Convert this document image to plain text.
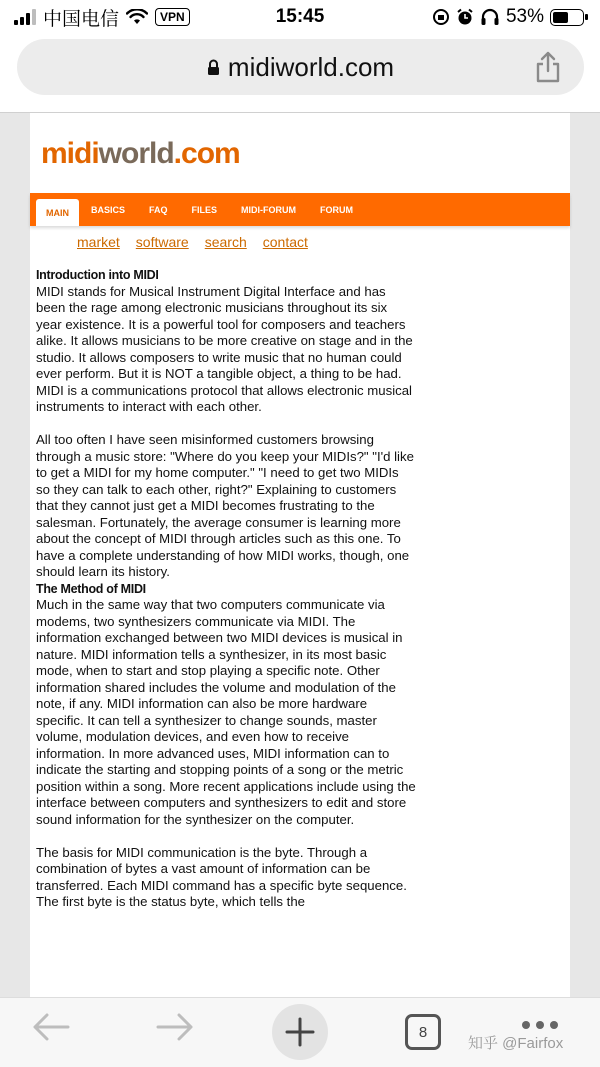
中国电信	VPN	15:45	53%
midiworld.com
midiworld.com
MAIN	BASICS	FAQ	FILES	MIDI-FORUM	FORUM
market software search contact
Introduction into MIDI

MIDI stands for Musical Instrument Digital Interface and has been the rage among electronic musicians throughout its six year existence. It is a powerful tool for composers and teachers alike. It allows musicians to be more creative on stage and in the studio. It allows composers to write music that no human could ever perform. But it is NOT a tangible object, a thing to be had. MIDI is a communications protocol that allows electronic musical instruments to interact with each other.

All too often I have seen misinformed customers browsing through a music store: "Where do you keep your MIDIs?" "I'd like to get a MIDI for my home computer." "I need to get two MIDIs so they can talk to each other, right?" Explaining to customers that they cannot just get a MIDI becomes frustrating to the salesman. Fortunately, the average consumer is learning more about the concept of MIDI through articles such as this one. To have a complete understanding of how MIDI works, though, one should learn its history.

The Method of MIDI

Much in the same way that two computers communicate via modems, two synthesizers communicate via MIDI. The information exchanged between two MIDI devices is musical in nature. MIDI information tells a synthesizer, in its most basic mode, when to start and stop playing a specific note. Other information shared includes the volume and modulation of the note, if any. MIDI information can also be more hardware specific. It can tell a synthesizer to change sounds, master volume, modulation devices, and even how to receive information. In more advanced uses, MIDI information can to indicate the starting and stopping points of a song or the metric position within a song. More recent applications include using the interface between computers and synthesizers to edit and store sound information for the synthesizer on the computer.

The basis for MIDI communication is the byte. Through a combination of bytes a vast amount of information can be transferred. Each MIDI command has a specific byte sequence. The first byte is the status byte, which tells the

8
知乎 @Fairfox
